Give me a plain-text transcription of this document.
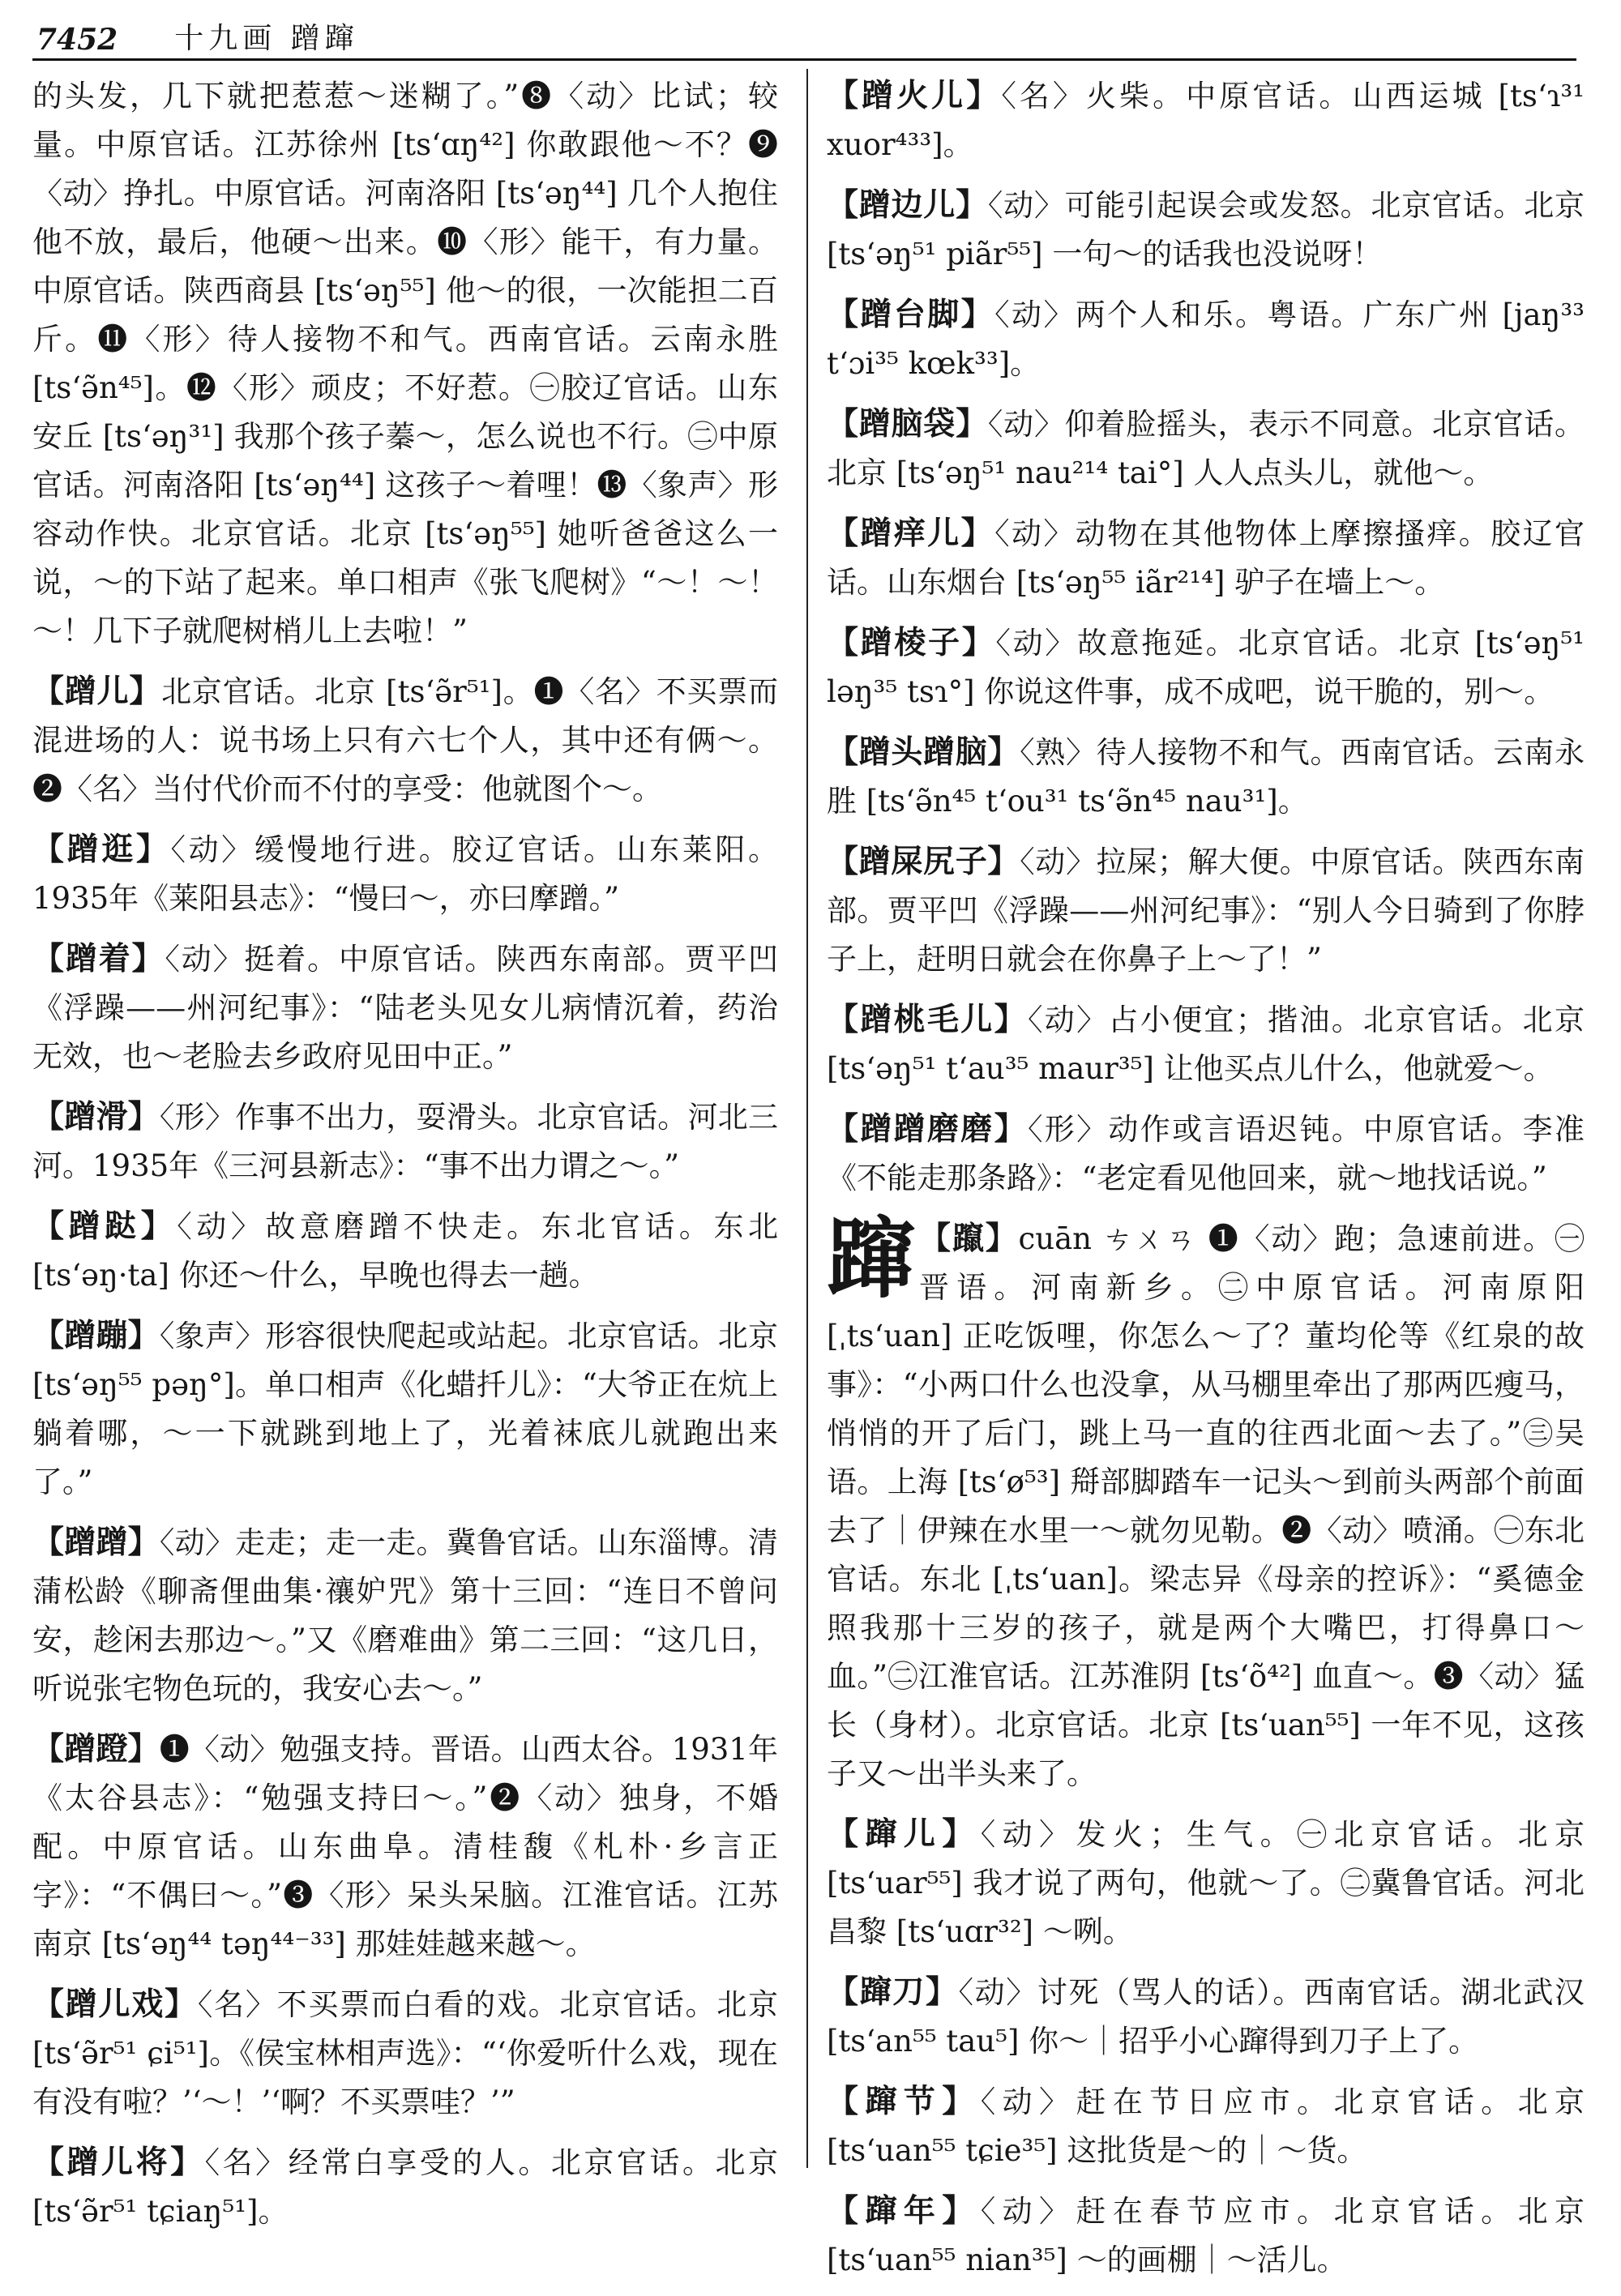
7452 十九画 蹭蹿

的头发，几下就把惹惹～迷糊了。”❽〈动〉比试；较量。中原官话。江苏徐州 [ts‘ɑŋ⁴²] 你敢跟他～不？❾〈动〉挣扎。中原官话。河南洛阳 [ts‘əŋ⁴⁴] 几个人抱住他不放，最后，他硬～出来。❿〈形〉能干，有力量。中原官话。陕西商县 [ts‘əŋ⁵⁵] 他～的很，一次能担二百斤。⓫〈形〉待人接物不和气。西南官话。云南永胜 [ts‘ə̃n⁴⁵]。⓬〈形〉顽皮；不好惹。㊀胶辽官话。山东安丘 [ts‘əŋ³¹] 我那个孩子蓁～，怎么说也不行。㊁中原官话。河南洛阳 [ts‘əŋ⁴⁴] 这孩子～着哩！⓭〈象声〉形容动作快。北京官话。北京 [ts‘əŋ⁵⁵] 她听爸爸这么一说，～的下站了起来。单口相声《张飞爬树》“～！～！～！几下子就爬树梢儿上去啦！”

【蹭儿】北京官话。北京 [ts‘ə̃r⁵¹]。❶〈名〉不买票而混进场的人：说书场上只有六七个人，其中还有俩～。❷〈名〉当付代价而不付的享受：他就图个～。

【蹭逛】〈动〉缓慢地行进。胶辽官话。山东莱阳。1935年《莱阳县志》：“慢曰～，亦曰摩蹭。”

【蹭着】〈动〉挺着。中原官话。陕西东南部。贾平凹《浮躁——州河纪事》：“陆老头见女儿病情沉着，药治无效，也～老脸去乡政府见田中正。”

【蹭滑】〈形〉作事不出力，耍滑头。北京官话。河北三河。1935年《三河县新志》：“事不出力谓之～。”

【蹭跶】〈动〉故意磨蹭不快走。东北官话。东北 [ts‘əŋ·ta] 你还～什么，早晚也得去一趟。

【蹭蹦】〈象声〉形容很快爬起或站起。北京官话。北京 [ts‘əŋ⁵⁵ pəŋ°]。单口相声《化蜡扦儿》：“大爷正在炕上躺着哪，～一下就跳到地上了，光着袜底儿就跑出来了。”

【蹭蹭】〈动〉走走；走一走。冀鲁官话。山东淄博。清蒲松龄《聊斋俚曲集·禳妒咒》第十三回：“连日不曾问安，趁闲去那边～。”又《磨难曲》第二三回：“这几日，听说张宅物色玩的，我安心去～。”

【蹭蹬】❶〈动〉勉强支持。晋语。山西太谷。1931年《太谷县志》：“勉强支持曰～。”❷〈动〉独身，不婚配。中原官话。山东曲阜。清桂馥《札朴·乡言正字》：“不偶曰～。”❸〈形〉呆头呆脑。江淮官话。江苏南京 [ts‘əŋ⁴⁴ təŋ⁴⁴⁻³³] 那娃娃越来越～。

【蹭儿戏】〈名〉不买票而白看的戏。北京官话。北京 [ts‘ə̃r⁵¹ ɕi⁵¹]。《侯宝林相声选》：“‘你爱听什么戏，现在有没有啦？’‘～！’‘啊？不买票哇？’”

【蹭儿将】〈名〉经常白享受的人。北京官话。北京 [ts‘ə̃r⁵¹ tɕiaŋ⁵¹]。

【蹭火儿】〈名〉火柴。中原官话。山西运城 [ts‘ɿ³¹ xuor⁴³³]。

【蹭边儿】〈动〉可能引起误会或发怒。北京官话。北京 [ts‘əŋ⁵¹ piãr⁵⁵] 一句～的话我也没说呀！

【蹭台脚】〈动〉两个人和乐。粤语。广东广州 [jaŋ³³ t‘ɔi³⁵ kœk³³]。

【蹭脑袋】〈动〉仰着脸摇头，表示不同意。北京官话。北京 [ts‘əŋ⁵¹ nau²¹⁴ tai°] 人人点头儿，就他～。

【蹭痒儿】〈动〉动物在其他物体上摩擦搔痒。胶辽官话。山东烟台 [ts‘əŋ⁵⁵ iãr²¹⁴] 驴子在墙上～。

【蹭棱子】〈动〉故意拖延。北京官话。北京 [ts‘əŋ⁵¹ ləŋ³⁵ tsɿ°] 你说这件事，成不成吧，说干脆的，别～。

【蹭头蹭脑】〈熟〉待人接物不和气。西南官话。云南永胜 [ts‘ə̃n⁴⁵ t‘ou³¹ ts‘ə̃n⁴⁵ nau³¹]。

【蹭屎尻子】〈动〉拉屎；解大便。中原官话。陕西东南部。贾平凹《浮躁——州河纪事》：“别人今日骑到了你脖子上，赶明日就会在你鼻子上～了！”

【蹭桃毛儿】〈动〉占小便宜；揩油。北京官话。北京 [ts‘əŋ⁵¹ t‘au³⁵ maur³⁵] 让他买点儿什么，他就爱～。

【蹭蹭磨磨】〈形〉动作或言语迟钝。中原官话。李准《不能走那条路》：“老定看见他回来，就～地找话说。”

蹿 【躥】cuān ㄘㄨㄢ ❶〈动〉跑；急速前进。㊀晋语。河南新乡。㊁中原官话。河南原阳 [ˌts‘uan] 正吃饭哩，你怎么～了？董均伦等《红泉的故事》：“小两口什么也没拿，从马棚里牵出了那两匹瘦马，悄悄的开了后门，跳上马一直的往西北面～去了。”㊂吴语。上海 [ts‘ø⁵³] 搿部脚踏车一记头～到前头两部个前面去了｜伊辣在水里一～就勿见勒。❷〈动〉喷涌。㊀东北官话。东北 [ˌts‘uan]。梁志异《母亲的控诉》：“奚德金照我那十三岁的孩子，就是两个大嘴巴，打得鼻口～血。”㊁江淮官话。江苏淮阴 [ts‘õ⁴²] 血直～。❸〈动〉猛长（身材）。北京官话。北京 [ts‘uan⁵⁵] 一年不见，这孩子又～出半头来了。

【蹿儿】〈动〉发火；生气。㊀北京官话。北京 [ts‘uar⁵⁵] 我才说了两句，他就～了。㊁冀鲁官话。河北昌黎 [ts‘uɑr³²] ～咧。

【蹿刀】〈动〉讨死（骂人的话）。西南官话。湖北武汉 [ts‘an⁵⁵ tau⁵] 你～｜招乎小心蹿得到刀子上了。

【蹿节】〈动〉赶在节日应市。北京官话。北京 [ts‘uan⁵⁵ tɕie³⁵] 这批货是～的｜～货。

【蹿年】〈动〉赶在春节应市。北京官话。北京 [ts‘uan⁵⁵ nian³⁵] ～的画棚｜～活儿。
